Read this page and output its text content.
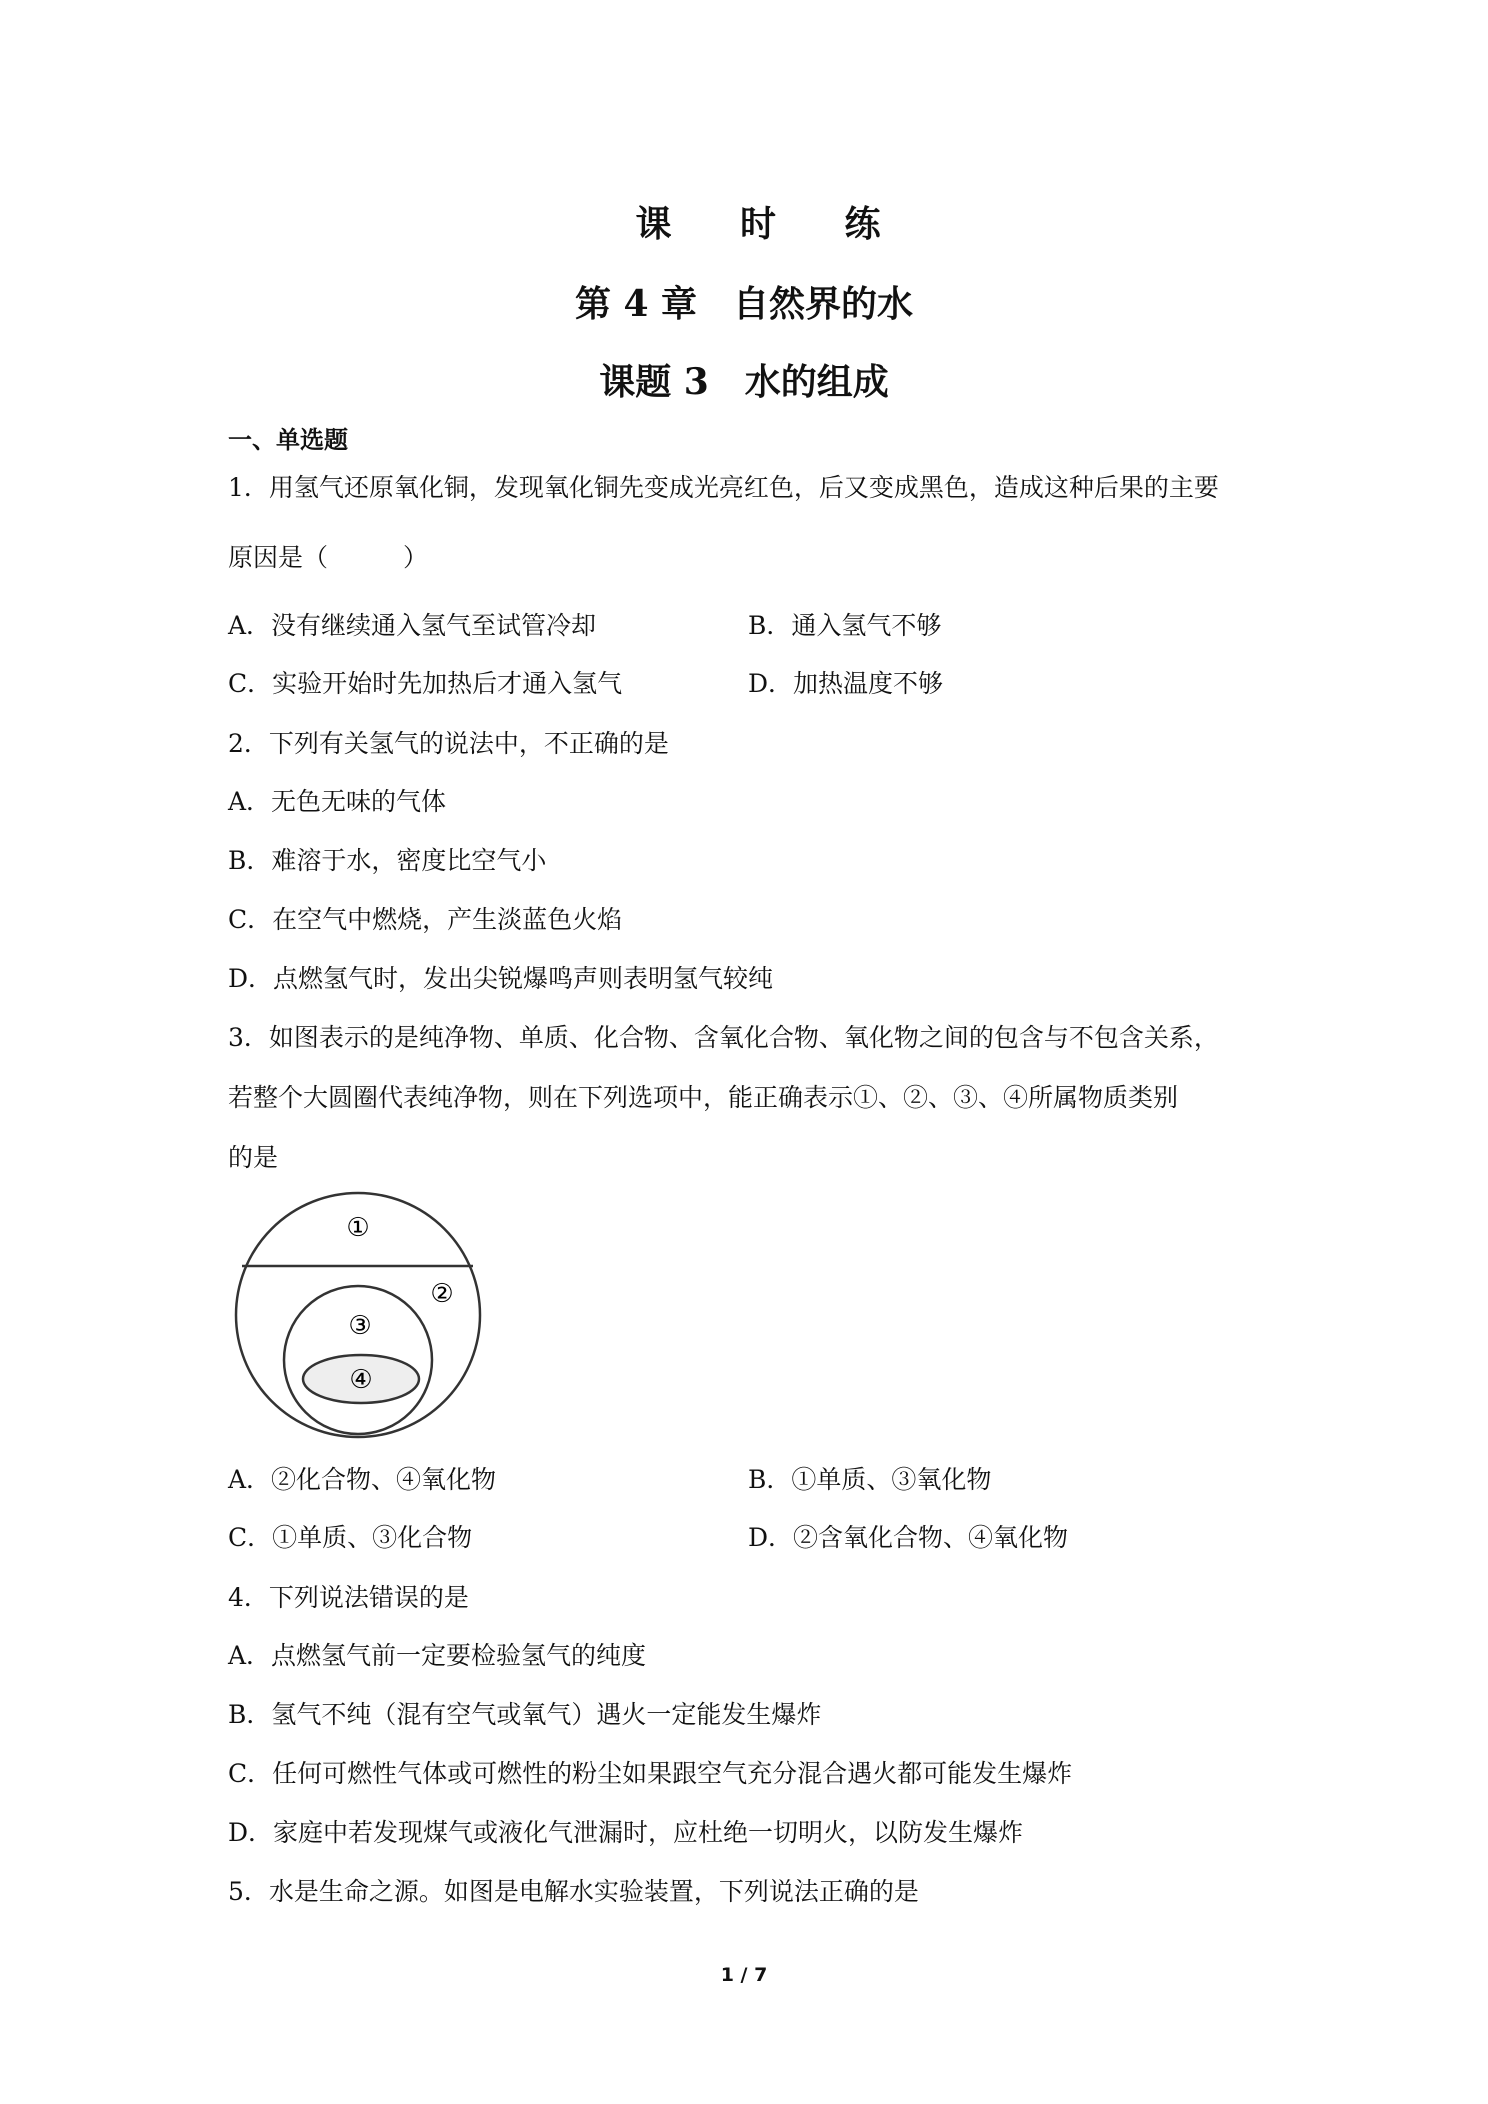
课 时 练
第 4 章　自然界的水
课题 3　水的组成
一、单选题
1．用氢气还原氧化铜，发现氧化铜先变成光亮红色，后又变成黑色，造成这种后果的主要
原因是（　　　）
A．没有继续通入氢气至试管冷却	B．通入氢气不够
C．实验开始时先加热后才通入氢气	D．加热温度不够
2．下列有关氢气的说法中，不正确的是
A．无色无味的气体
B．难溶于水，密度比空气小
C．在空气中燃烧，产生淡蓝色火焰
D．点燃氢气时，发出尖锐爆鸣声则表明氢气较纯
3．如图表示的是纯净物、单质、化合物、含氧化合物、氧化物之间的包含与不包含关系，
若整个大圆圈代表纯净物，则在下列选项中，能正确表示①、②、③、④所属物质类别
的是
①
②
③
④
A．②化合物、④氧化物	B．①单质、③氧化物
C．①单质、③化合物	D．②含氧化合物、④氧化物
4．下列说法错误的是
A．点燃氢气前一定要检验氢气的纯度
B．氢气不纯（混有空气或氧气）遇火一定能发生爆炸
C．任何可燃性气体或可燃性的粉尘如果跟空气充分混合遇火都可能发生爆炸
D．家庭中若发现煤气或液化气泄漏时，应杜绝一切明火，以防发生爆炸
5．水是生命之源。如图是电解水实验装置，下列说法正确的是
1 / 7
